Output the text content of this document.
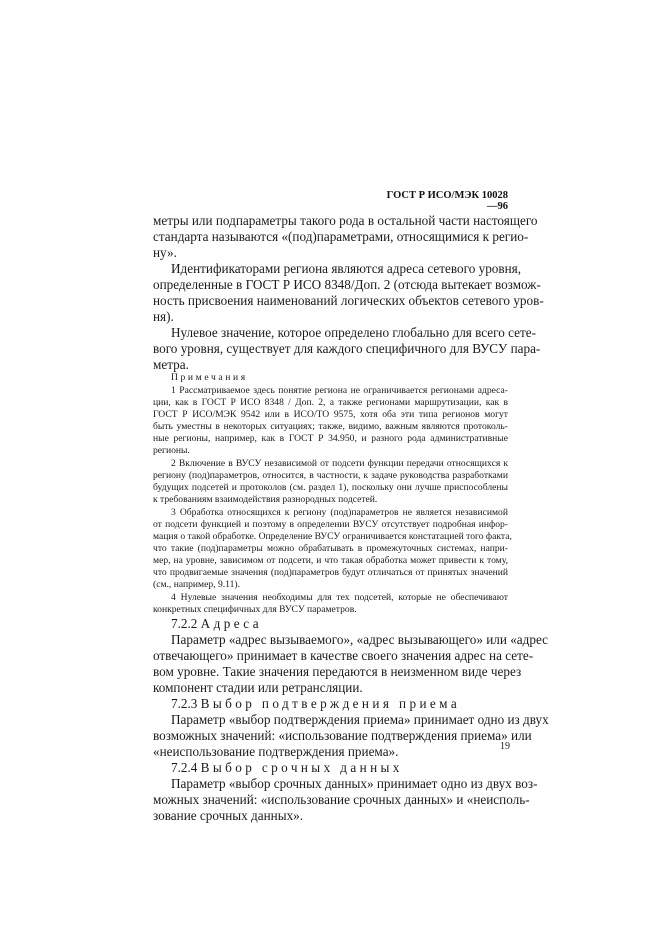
ГОСТ Р ИСО/МЭК 10028—96
метры или подпараметры такого рода в остальной части настоящего
стандарта называются «(под)параметрами, относящимися к регио-
ну».
Идентификаторами региона являются адреса сетевого уровня,
определенные в ГОСТ Р ИСО 8348/Доп. 2 (отсюда вытекает возмож-
ность присвоения наименований логических объектов сетевого уров-
ня).
Нулевое значение, которое определено глобально для всего сете-
вого уровня, существует для каждого специфичного для ВУСУ пара-
метра.
Примечания
1 Рассматриваемое здесь понятие региона не ограничивается регионами адреса-
ции, как в ГОСТ Р ИСО 8348 / Доп. 2, а также регионами маршрутизации, как в
ГОСТ Р ИСО/МЭК 9542 или в ИСО/ТО 9575, хотя оба эти типа регионов могут
быть уместны в некоторых ситуациях; также, видимо, важным являются протоколь-
ные регионы, например, как в ГОСТ Р 34.950, и разного рода административные
регионы.
2 Включение в ВУСУ независимой от подсети функции передачи относящихся к
региону (под)параметров, относится, в частности, к задаче руководства разработками
будущих подсетей и протоколов (см. раздел 1), поскольку они лучше приспособлены
к требованиям взаимодействия разнородных подсетей.
3 Обработка относящихся к региону (под)параметров не является независимой
от подсети функцией и поэтому в определении ВУСУ отсутствует подробная инфор-
мация о такой обработке. Определение ВУСУ ограничивается констатацией того факта,
что такие (под)параметры можно обрабатывать в промежуточных системах, напри-
мер, на уровне, зависимом от подсети, и что такая обработка может привести к тому,
что продвигаемые значения (под)параметров будут отличаться от принятых значений
(см., например, 9.11).
4 Нулевые значения необходимы для тех подсетей, которые не обеспечивают
конкретных специфичных для ВУСУ параметров.
7.2.2 Адреса
Параметр «адрес вызываемого», «адрес вызывающего» или «адрес
отвечающего» принимает в качестве своего значения адрес на сете-
вом уровне. Такие значения передаются в неизменном виде через
компонент стадии или ретрансляции.
7.2.3 Выбор подтверждения приема
Параметр «выбор подтверждения приема» принимает одно из двух
возможных значений: «использование подтверждения приема» или
«неиспользование подтверждения приема».
7.2.4 Выбор срочных данных
Параметр «выбор срочных данных» принимает одно из двух воз-
можных значений: «использование срочных данных» и «неисполь-
зование срочных данных».
19
